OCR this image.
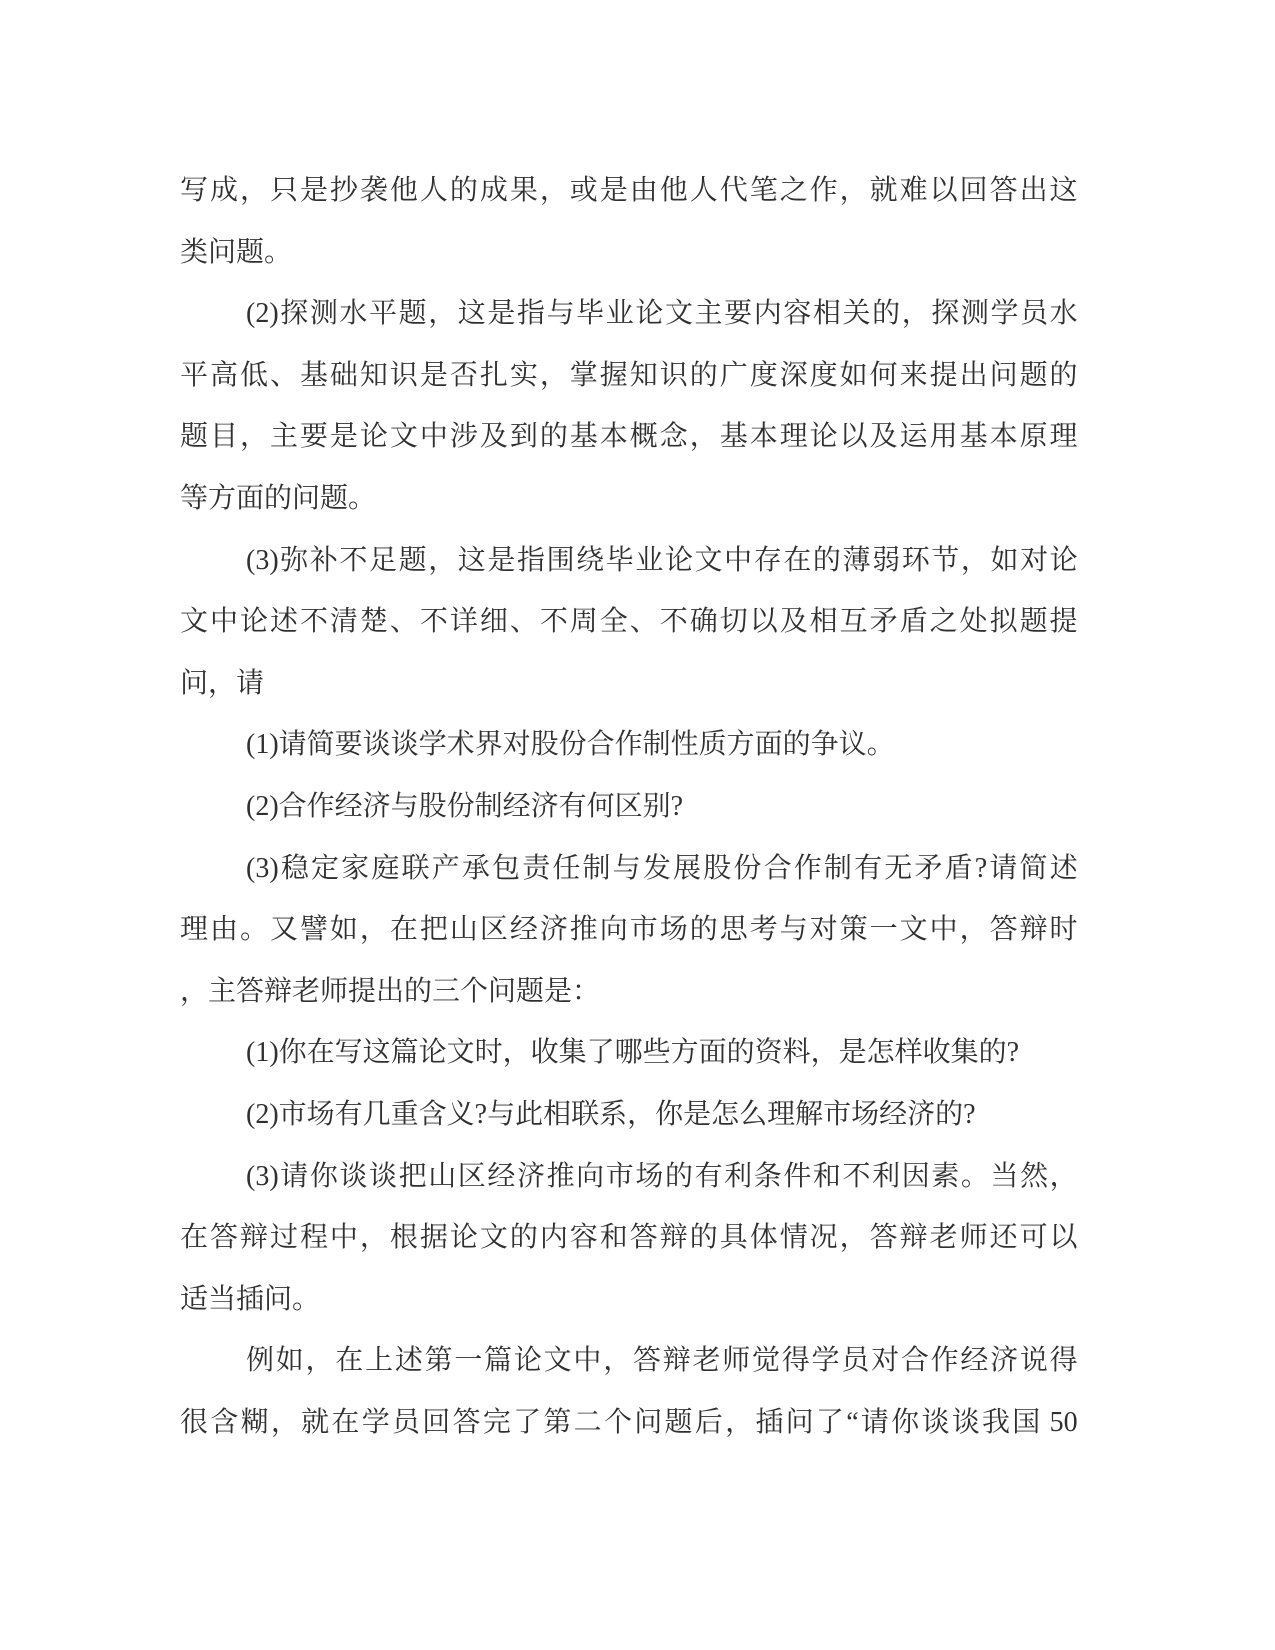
写 成 ， 只 是 抄 袭 他 人 的 成 果 ， 或 是 由 他 人 代 笔 之 作 ， 就 难 以 回 答 出 这
类问题。
(2) 探 测 水 平 题 ， 这 是 指 与 毕 业 论 文 主 要 内 容 相 关 的 ， 探 测 学 员 水
平 高 低 、 基 础 知 识 是 否 扎 实 ， 掌 握 知 识 的 广 度 深 度 如 何 来 提 出 问 题 的
题 目 ， 主 要 是 论 文 中 涉 及 到 的 基 本 概 念 ， 基 本 理 论 以 及 运 用 基 本 原 理
等方面的问题。
(3) 弥 补 不 足 题 ， 这 是 指 围 绕 毕 业 论 文 中 存 在 的 薄 弱 环 节 ， 如 对 论
文 中 论 述 不 清 楚 、 不 详 细 、 不 周 全 、 不 确 切 以 及 相 互 矛 盾 之 处 拟 题 提
问，请
(1)请简要谈谈学术界对股份合作制性质方面的争议。
(2)合作经济与股份制经济有何区别?
(3) 稳 定 家 庭 联 产 承 包 责 任 制 与 发 展 股 份 合 作 制 有 无 矛 盾 ? 请 简 述
理 由 。 又 譬 如 ， 在 把 山 区 经 济 推 向 市 场 的 思 考 与 对 策 一 文 中 ， 答 辩 时
，主答辩老师提出的三个问题是：
(1)你在写这篇论文时，收集了哪些方面的资料，是怎样收集的?
(2)市场有几重含义?与此相联系，你是怎么理解市场经济的?
(3) 请 你 谈 谈 把 山 区 经 济 推 向 市 场 的 有 利 条 件 和 不 利 因 素 。 当 然 ，
在 答 辩 过 程 中 ， 根 据 论 文 的 内 容 和 答 辩 的 具 体 情 况 ， 答 辩 老 师 还 可 以
适当插问。
例 如 ， 在 上 述 第 一 篇 论 文 中 ， 答 辩 老 师 觉 得 学 员 对 合 作 经 济 说 得
很 含 糊 ， 就 在 学 员 回 答 完 了 第 二 个 问 题 后 ， 插 问 了 “ 请 你 谈 谈 我 国 50
